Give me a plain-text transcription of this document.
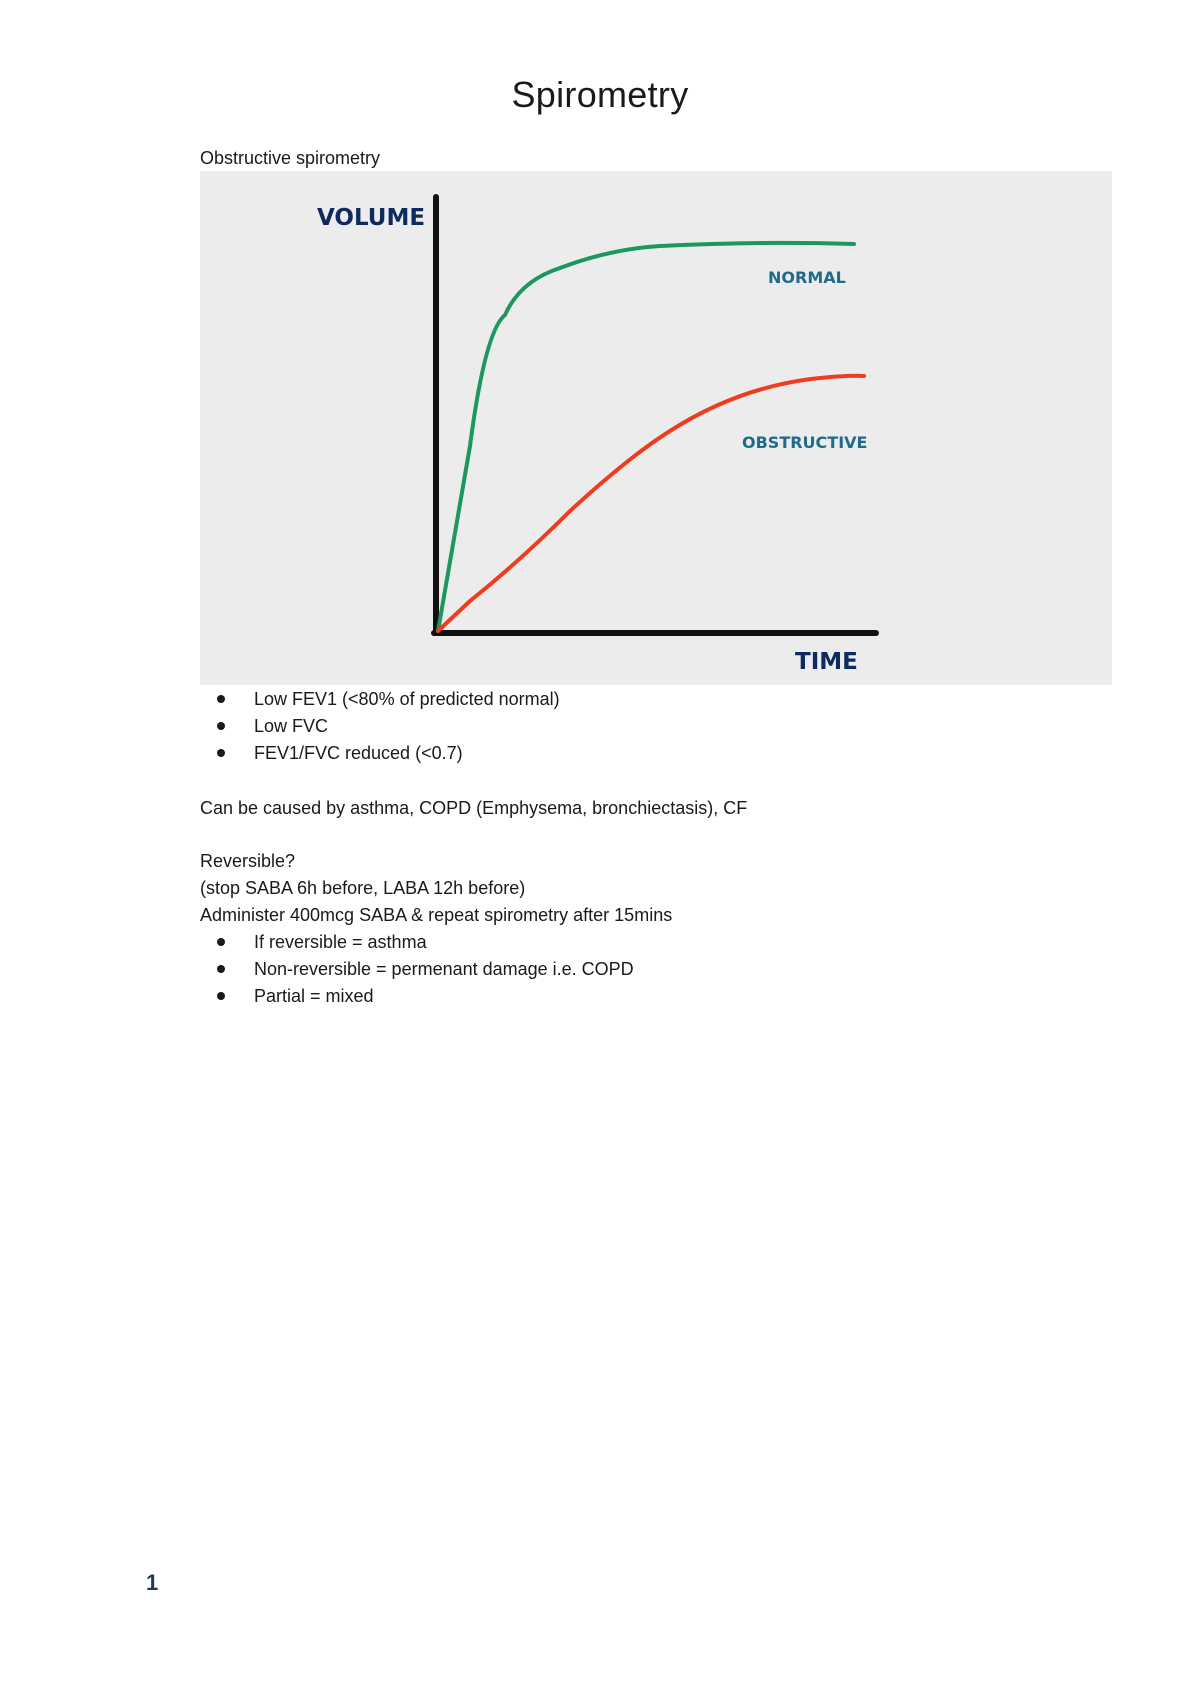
Spirometry
Obstructive spirometry
VOLUME
TIME
NORMAL
OBSTRUCTIVE
Low FEV1 (<80% of predicted normal)
Low FVC
FEV1/FVC reduced (<0.7)
Can be caused by asthma, COPD (Emphysema, bronchiectasis), CF
Reversible?
(stop SABA 6h before, LABA 12h before)
Administer 400mcg SABA & repeat spirometry after 15mins
If reversible = asthma
Non-reversible = permenant damage i.e. COPD
Partial = mixed
1
